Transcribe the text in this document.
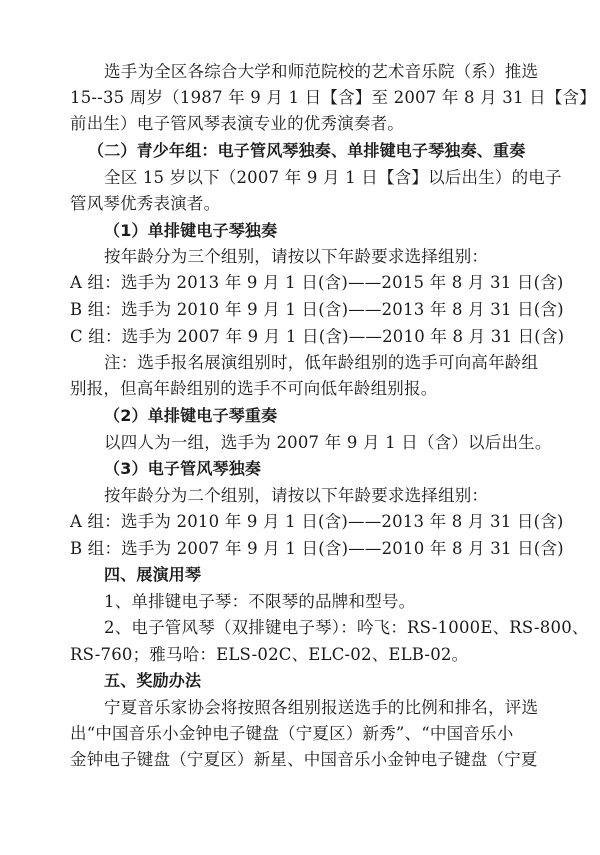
选手为全区各综合大学和师范院校的艺术音乐院（系）推选

15--35 周岁（1987 年 9 月 1 日【含】至 2007 年 8 月 31 日【含】

前出生）电子管风琴表演专业的优秀演奏者。

（二）青少年组：电子管风琴独奏、单排键电子琴独奏、重奏

全区 15 岁以下（2007 年 9 月 1 日【含】以后出生）的电子

管风琴优秀表演者。

（1）单排键电子琴独奏

按年龄分为三个组别，请按以下年龄要求选择组别：

A 组：选手为 2013 年 9 月 1 日(含)——2015 年 8 月 31 日(含)

B 组：选手为 2010 年 9 月 1 日(含)——2013 年 8 月 31 日(含)

C 组：选手为 2007 年 9 月 1 日(含)——2010 年 8 月 31 日(含)

注：选手报名展演组别时，低年龄组别的选手可向高年龄组

别报，但高年龄组别的选手不可向低年龄组别报。

（2）单排键电子琴重奏

以四人为一组，选手为 2007 年 9 月 1 日（含）以后出生。

（3）电子管风琴独奏

按年龄分为二个组别，请按以下年龄要求选择组别：

A 组：选手为 2010 年 9 月 1 日(含)——2013 年 8 月 31 日(含)

B 组：选手为 2007 年 9 月 1 日(含)——2010 年 8 月 31 日(含)

四、展演用琴

1、单排键电子琴：不限琴的品牌和型号。

2、电子管风琴（双排键电子琴）：吟飞：RS-1000E、RS-800、

RS-760；雅马哈：ELS-02C、ELC-02、ELB-02。

五、奖励办法

宁夏音乐家协会将按照各组别报送选手的比例和排名，评选

出“中国音乐小金钟电子键盘（宁夏区）新秀”、“中国音乐小

金钟电子键盘（宁夏区）新星、中国音乐小金钟电子键盘（宁夏
